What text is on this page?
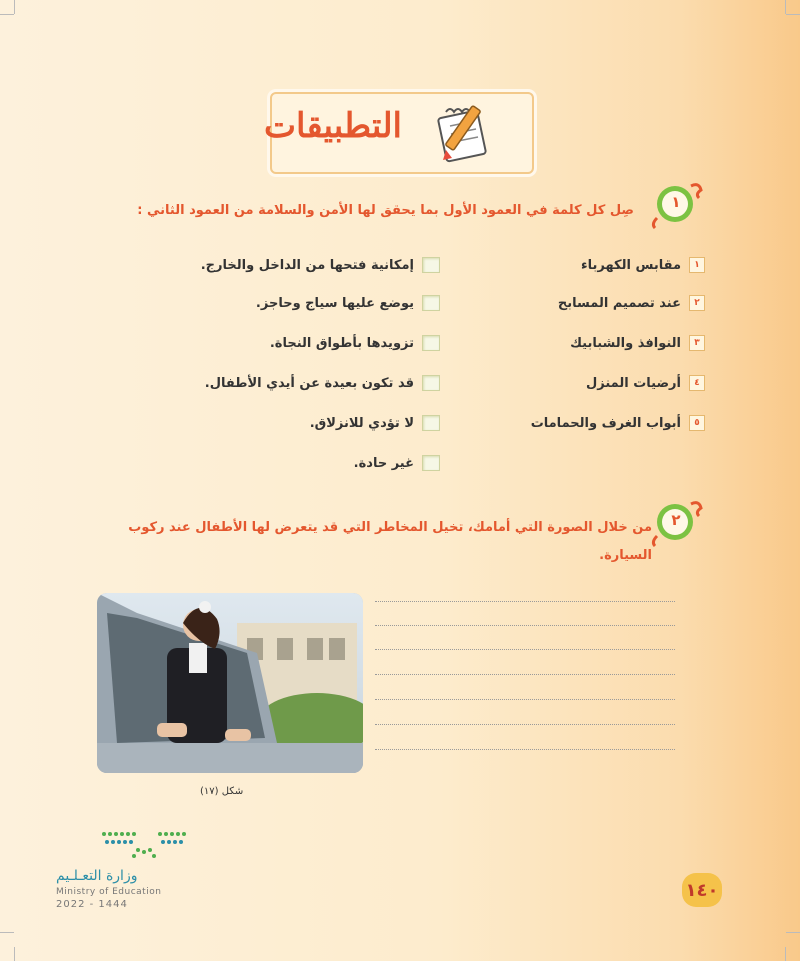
التطبيقات
١
صِل كل كلمة في العمود الأول بما يحقق لها الأمن والسلامة من العمود الثاني :
١
مقابس الكهرباء
٢
عند تصميم المسابح
٣
النوافذ والشبابيك
٤
أرضيات المنزل
٥
أبواب الغرف والحمامات
إمكانية فتحها من الداخل والخارج.
يوضع عليها سياج وحاجز.
تزويدها بأطواق النجاة.
قد تكون بعيدة عن أيدي الأطفال.
لا تؤدي للانزلاق.
غير حادة.
٢
من خلال الصورة التي أمامك، تخيل المخاطر التي قد يتعرض لها الأطفال عند ركوب
السيارة.
شكل (١٧)
وزارة التعـلـيم
Ministry of Education
2022 - 1444
١٤٠
